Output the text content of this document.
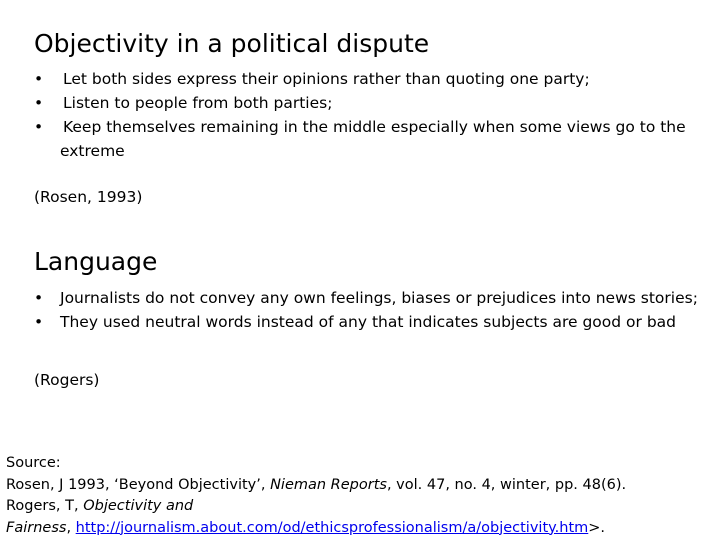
Objectivity in a political dispute
•	Let both sides express their opinions rather than quoting one party;
•	Listen to people from both parties;
•	Keep themselves remaining in the middle especially when some views go to the extreme
(Rosen, 1993)
Language
•	Journalists do not convey any own feelings, biases or prejudices into news stories;
•	They used neutral words instead of any that indicates subjects are good or bad
(Rogers)
Source:
Rosen, J 1993, ‘Beyond Objectivity’, Nieman Reports, vol. 47, no. 4, winter, pp. 48(6).
Rogers, T, Objectivity and
Fairness, http://journalism.about.com/od/ethicsprofessionalism/a/objectivity.htm>.
